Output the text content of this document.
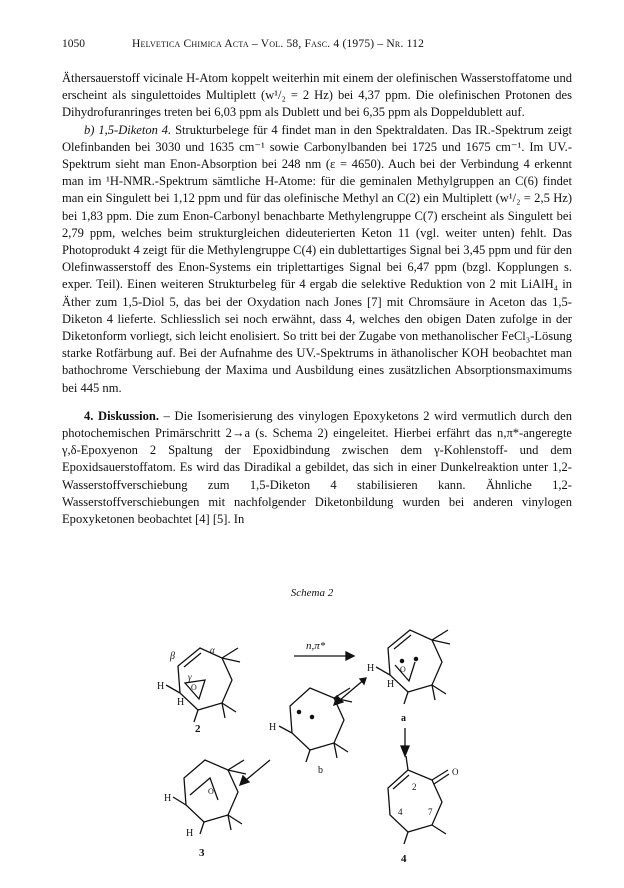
1050	Helvetica Chimica Acta – Vol. 58, Fasc. 4 (1975) – Nr. 112

Äthersauerstoff vicinale H-Atom koppelt weiterhin mit einem der olefinischen Wasserstoffatome und erscheint als singulettoides Multiplett (w¹/₂ = 2 Hz) bei 4,37 ppm. Die olefinischen Protonen des Dihydrofuranringes treten bei 6,03 ppm als Dublett und bei 6,35 ppm als Doppeldublett auf.

b) 1,5-Diketon 4. Strukturbelege für 4 findet man in den Spektraldaten. Das IR.-Spektrum zeigt Olefinbanden bei 3030 und 1635 cm⁻¹ sowie Carbonylbanden bei 1725 und 1675 cm⁻¹. Im UV.-Spektrum sieht man Enon-Absorption bei 248 nm (ε = 4650). Auch bei der Verbindung 4 erkennt man im ¹H-NMR.-Spektrum sämtliche H-Atome: für die geminalen Methylgruppen an C(6) findet man ein Singulett bei 1,12 ppm und für das olefinische Methyl an C(2) ein Multiplett (w¹/₂ = 2,5 Hz) bei 1,83 ppm. Die zum Enon-Carbonyl benachbarte Methylengruppe C(7) erscheint als Singulett bei 2,79 ppm, welches beim strukturgleichen dideuterierten Keton 11 (vgl. weiter unten) fehlt. Das Photoprodukt 4 zeigt für die Methylengruppe C(4) ein dublettartiges Signal bei 3,45 ppm und für den Olefinwasserstoff des Enon-Systems ein triplettartiges Signal bei 6,47 ppm (bzgl. Kopplungen s. exper. Teil). Einen weiteren Strukturbeleg für 4 ergab die selektive Reduktion von 2 mit LiAlH₄ in Äther zum 1,5-Diol 5, das bei der Oxydation nach Jones [7] mit Chromsäure in Aceton das 1,5-Diketon 4 lieferte. Schliesslich sei noch erwähnt, dass 4, welches den obigen Daten zufolge in der Diketonform vorliegt, sich leicht enolisiert. So tritt bei der Zugabe von methanolischer FeCl₃-Lösung starke Rotfärbung auf. Bei der Aufnahme des UV.-Spektrums in äthanolischer KOH beobachtet man bathochrome Verschiebung der Maxima und Ausbildung eines zusätzlichen Absorptionsmaximums bei 445 nm.

4. Diskussion. – Die Isomerisierung des vinylogen Epoxyketons 2 wird vermutlich durch den photochemischen Primärschritt 2→a (s. Schema 2) eingeleitet. Hierbei erfährt das n,π*-angeregte γ,δ-Epoxyenon 2 Spaltung der Epoxidbindung zwischen dem γ-Kohlenstoff- und dem Epoxidsauerstoffatom. Es wird das Diradikal a gebildet, das sich in einer Dunkelreaktion unter 1,2-Wasserstoffverschiebung zum 1,5-Diketon 4 stabilisieren kann. Ähnliche 1,2-Wasserstoffverschiebungen mit nachfolgender Diketonbildung wurden bei anderen vinylogen Epoxyketonen beobachtet [4] [5]. In

Schema 2
O
β
α
γ
H
H
2
n,π*
O
H
H
a
H
b
O
H
H
3
2
4	7
O
4
